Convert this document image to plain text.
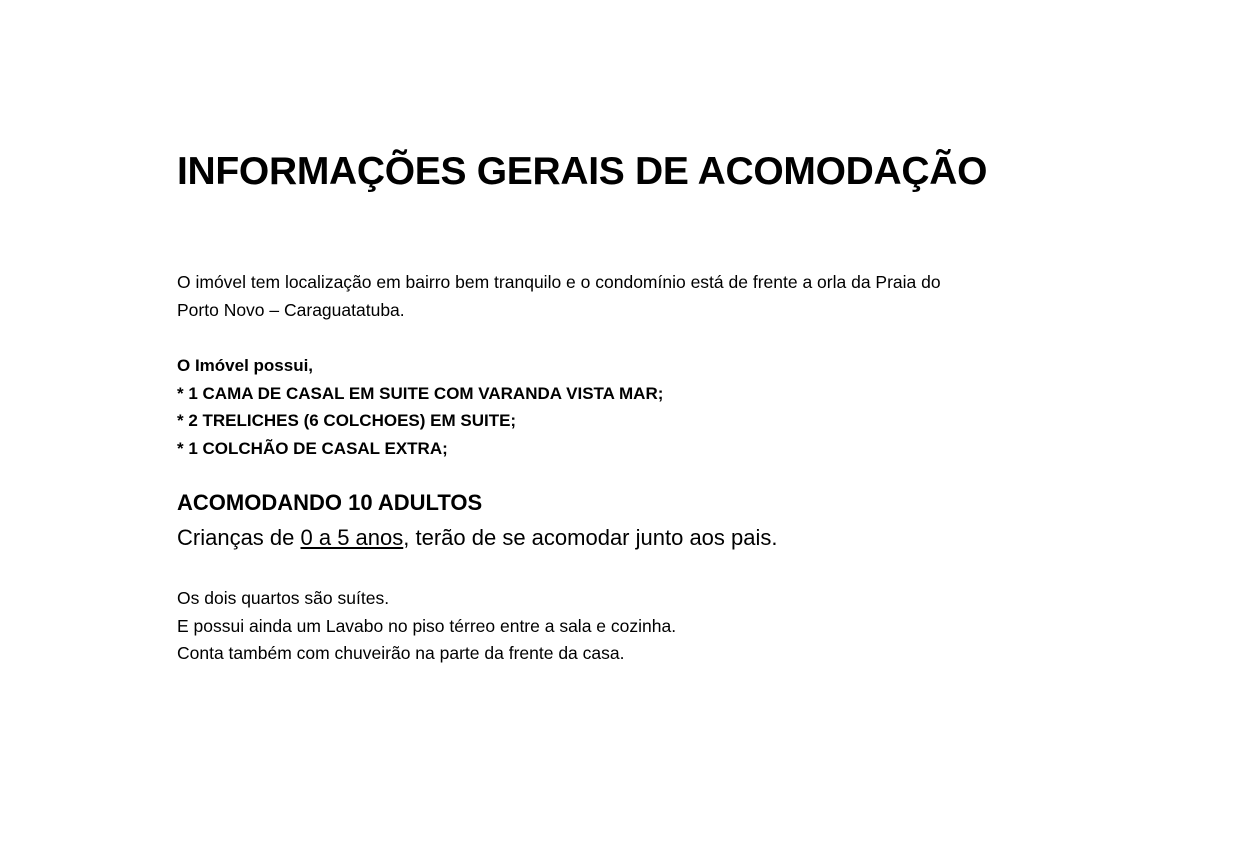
INFORMAÇÕES GERAIS DE ACOMODAÇÃO

O imóvel tem localização em bairro bem tranquilo e o condomínio está de frente a orla da Praia do

Porto Novo – Caraguatatuba.

O Imóvel possui,
* 1 CAMA DE CASAL EM SUITE COM VARANDA VISTA MAR;
* 2 TRELICHES (6 COLCHOES) EM SUITE;
* 1 COLCHÃO DE CASAL EXTRA;
ACOMODANDO 10 ADULTOS
Crianças de 0 a 5 anos, terão de se acomodar junto aos pais.
Os dois quartos são suítes.
E possui ainda um Lavabo no piso térreo entre a sala e cozinha.
Conta também com chuveirão na parte da frente da casa.
